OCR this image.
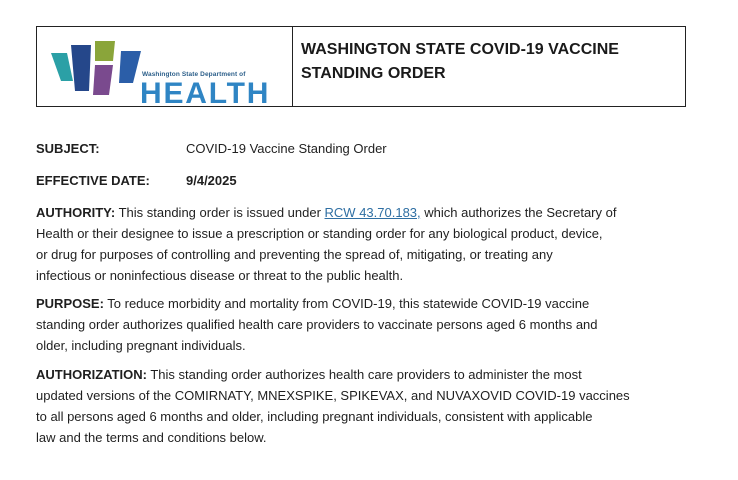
Washington State Department of
HEALTH
WASHINGTON STATE COVID-19 VACCINE
STANDING ORDER
SUBJECT:	COVID-19 Vaccine Standing Order
EFFECTIVE DATE:	9/4/2025
AUTHORITY: This standing order is issued under RCW 43.70.183, which authorizes the Secretary of
Health or their designee to issue a prescription or standing order for any biological product, device,
or drug for purposes of controlling and preventing the spread of, mitigating, or treating any
infectious or noninfectious disease or threat to the public health.
PURPOSE: To reduce morbidity and mortality from COVID-19, this statewide COVID-19 vaccine
standing order authorizes qualified health care providers to vaccinate persons aged 6 months and
older, including pregnant individuals.
AUTHORIZATION: This standing order authorizes health care providers to administer the most
updated versions of the COMIRNATY, MNEXSPIKE, SPIKEVAX, and NUVAXOVID COVID-19 vaccines
to all persons aged 6 months and older, including pregnant individuals, consistent with applicable
law and the terms and conditions below.
